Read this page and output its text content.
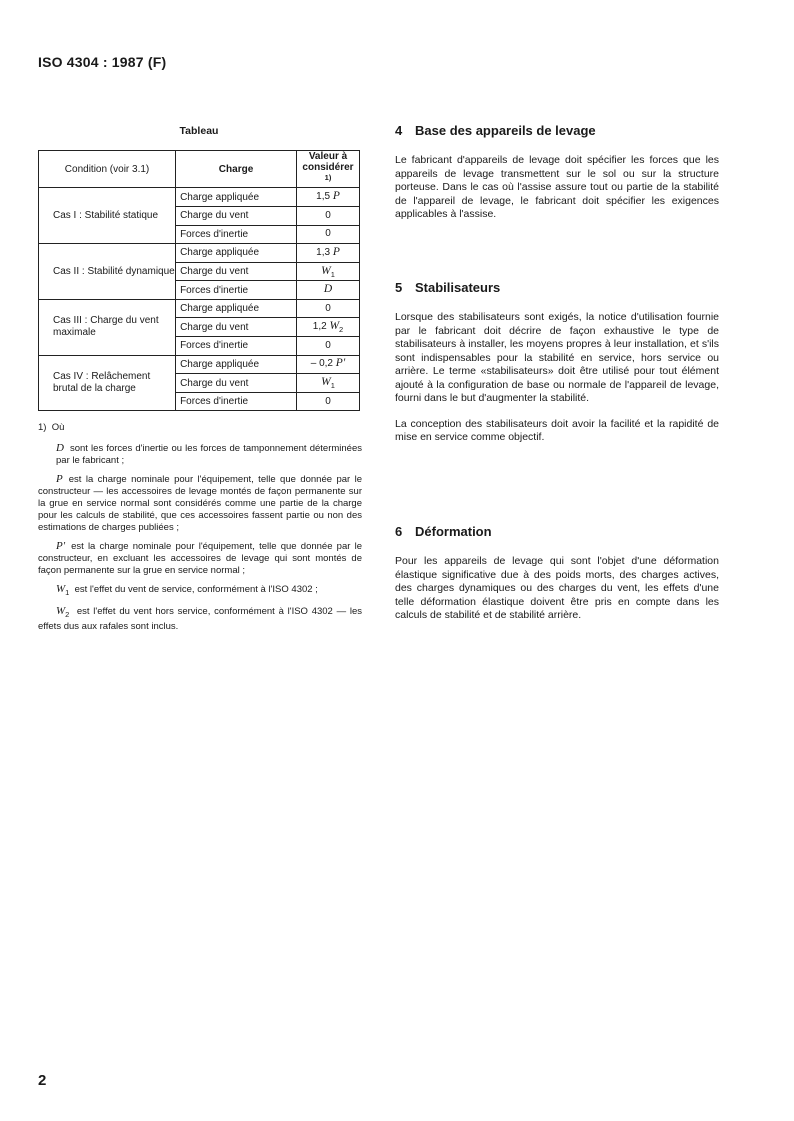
ISO 4304 : 1987 (F)
Tableau
Condition (voir 3.1)	Charge	Valeur à considérer$^{1)}$
Cas I : Stabilité statique	Charge appliquée	1,5 P
	Charge du vent	0
	Forces d'inertie	0
Cas II : Stabilité dynamique	Charge appliquée	1,3 P
	Charge du vent	$W_1$
	Forces d'inertie	D
Cas III : Charge du vent maximale	Charge appliquée	0
	Charge du vent	1,2 $W_2$
	Forces d'inertie	0
Cas IV : Relâchement brutal de la charge	Charge appliquée	– 0,2 P'
	Charge du vent	$W_1$
	Forces d'inertie	0
1) Où
D sont les forces d'inertie ou les forces de tamponnement déterminées par le fabricant ;
P est la charge nominale pour l'équipement, telle que donnée par le constructeur — les accessoires de levage montés de façon permanente sur la grue en service normal sont considérés comme une partie de la charge pour les calculs de stabilité, que ces accessoires fassent partie ou non des estimations de charges publiées ;
P' est la charge nominale pour l'équipement, telle que donnée par le constructeur, en excluant les accessoires de levage qui sont montés de façon permanente sur la grue en service normal ;
$W_1$ est l'effet du vent de service, conformément à l'ISO 4302 ;
$W_2$ est l'effet du vent hors service, conformément à l'ISO 4302 — les effets dus aux rafales sont inclus.
4 Base des appareils de levage

Le fabricant d'appareils de levage doit spécifier les forces que les appareils de levage transmettent sur le sol ou sur la structure porteuse. Dans le cas où l'assise assure tout ou partie de la stabilité de l'appareil de levage, le fabricant doit spécifier les exigences applicables à l'assise.

5 Stabilisateurs

Lorsque des stabilisateurs sont exigés, la notice d'utilisation fournie par le fabricant doit décrire de façon exhaustive le type de stabilisateurs à installer, les moyens propres à leur installation, et s'ils sont indispensables pour la stabilité en service, hors service ou arrière. Le terme «stabilisateurs» doit être utilisé pour tout élément ajouté à la configuration de base ou normale de l'appareil de levage, fourni dans le but d'augmenter la stabilité.

La conception des stabilisateurs doit avoir la facilité et la rapidité de mise en service comme objectif.

6 Déformation

Pour les appareils de levage qui sont l'objet d'une déformation élastique significative due à des poids morts, des charges actives, des charges dynamiques ou des charges du vent, les effets d'une telle déformation élastique doivent être pris en compte dans les calculs de stabilité et de stabilité arrière.

2
